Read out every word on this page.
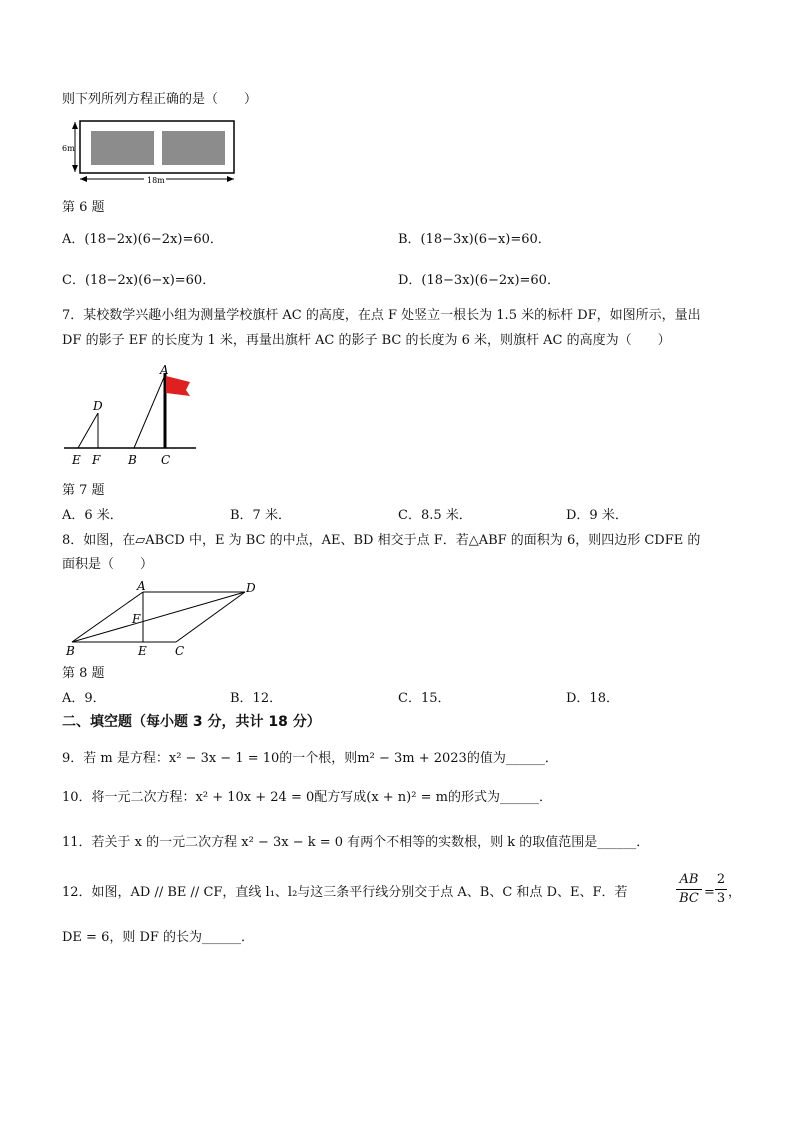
则下列所列方程正确的是（　　）
6m
18m
第 6 题
A．(18−2x)(6−2x)=60．	B．(18−3x)(6−x)=60．
C．(18−2x)(6−x)=60．	D．(18−3x)(6−2x)=60．
7．某校数学兴趣小组为测量学校旗杆 AC 的高度，在点 F 处竖立一根长为 1.5 米的标杆 DF，如图所示，量出
DF 的影子 EF 的长度为 1 米，再量出旗杆 AC 的影子 BC 的长度为 6 米，则旗杆 AC 的高度为（　　）
A
D
E F B C
第 7 题
A．6 米．	B．7 米．	C．8.5 米．	D．9 米．
8．如图，在▱ABCD 中，E 为 BC 的中点，AE、BD 相交于点 F．若△ABF 的面积为 6，则四边形 CDFE 的
面积是（　　）
A	D
F
B	E C
第 8 题
A．9．	B．12．	C．15．	D．18．
二、填空题（每小题 3 分，共计 18 分）
9．若 m 是方程：x² − 3x − 1 = 10的一个根，则m² − 3m + 2023的值为______．
10．将一元二次方程：x² + 10x + 24 = 0配方写成(x + n)² = m的形式为______．
11．若关于 x 的一元二次方程 x² − 3x − k = 0 有两个不相等的实数根，则 k 的取值范围是______．
12．如图，AD // BE // CF，直线 l₁、l₂与这三条平行线分别交于点 A、B、C 和点 D、E、F．若	$\frac{AB}{BC} = \frac{2}{3}$ ，
DE = 6，则 DF 的长为______．
